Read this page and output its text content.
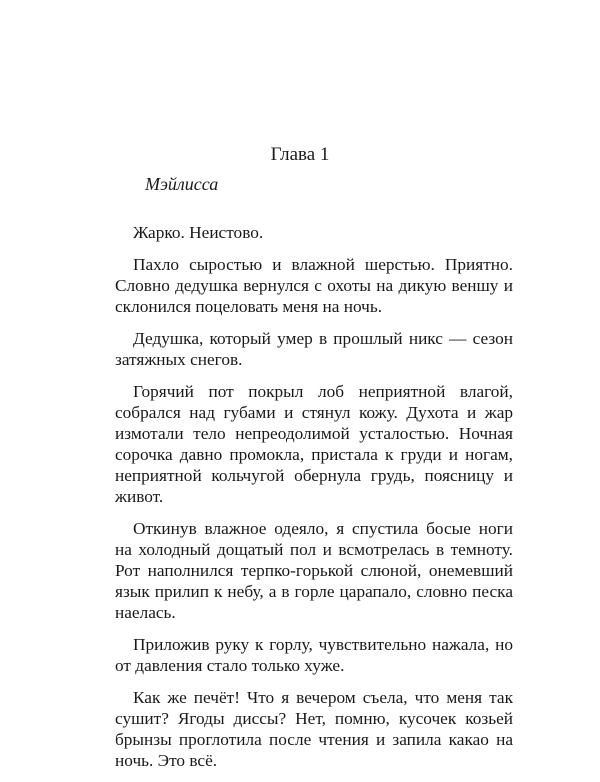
Глава 1

Мэйлисса

Жарко. Неистово.

Пахло сыростью и влажной шерстью. Приятно. Словно дедушка вернулся с охоты на дикую веншу и склонился поцеловать меня на ночь.

Дедушка, который умер в прошлый никс — сезон затяжных снегов.

Горячий пот покрыл лоб неприятной влагой, собрался над губами и стянул кожу. Духота и жар измотали тело непреодолимой усталостью. Ночная сорочка давно промокла, пристала к груди и ногам, неприятной кольчугой обернула грудь, поясницу и живот.

Откинув влажное одеяло, я спустила босые ноги на холодный дощатый пол и всмотрелась в темноту. Рот наполнился терпко-горькой слюной, онемевший язык прилип к небу, а в горле царапало, словно песка наелась.

Приложив руку к горлу, чувствительно нажала, но от давления стало только хуже.

Как же печёт! Что я вечером съела, что меня так сушит? Ягоды диссы? Нет, помню, кусочек козьей брынзы проглотила после чтения и запила какао на ночь. Это всё.
